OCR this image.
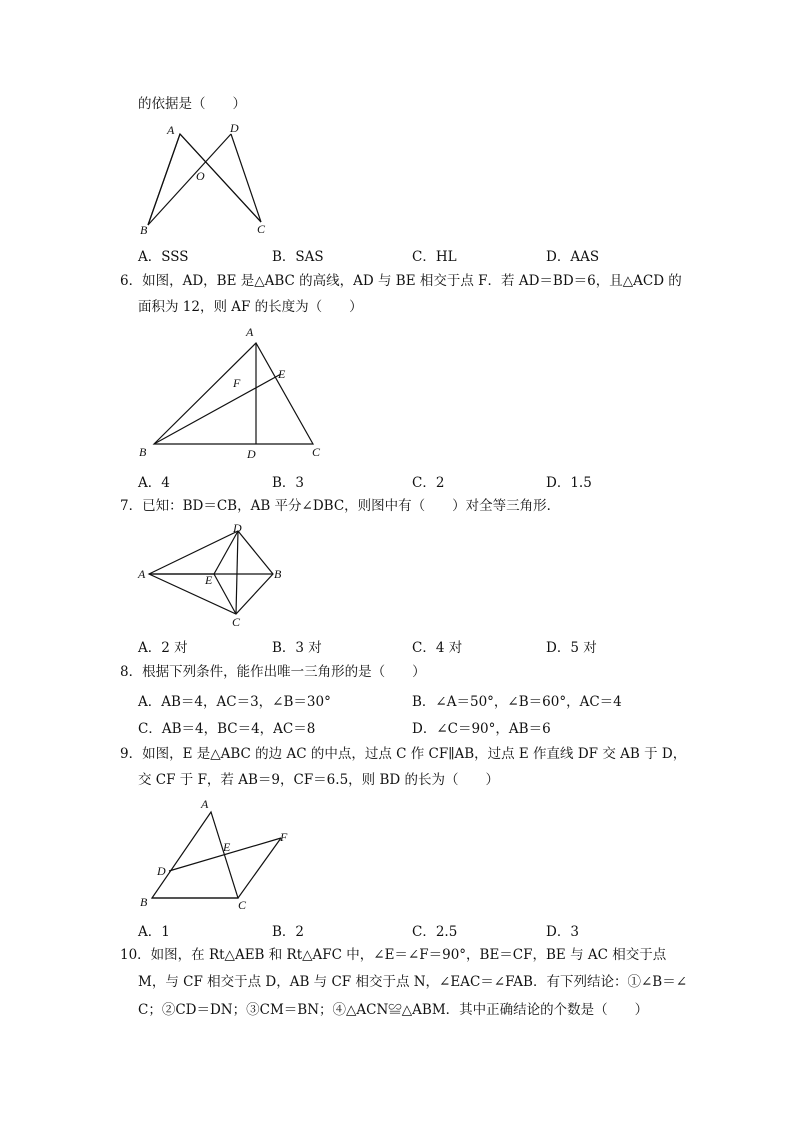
的依据是（　　）
A	D
O
B	C
A．SSS	B．SAS	C．HL	D．AAS
6．如图，AD，BE 是△ABC 的高线，AD 与 BE 相交于点 F．若 AD＝BD＝6，且△ACD 的
面积为 12，则 AF 的长度为（　　）
A
F
E
B	D	C
A．4	B．3	C．2	D．1.5
7．已知：BD＝CB，AB 平分∠DBC，则图中有（　　）对全等三角形．
D
A	E	B
C
A．2 对	B．3 对	C．4 对	D．5 对
8．根据下列条件，能作出唯一三角形的是（　　）
A．AB＝4，AC＝3，∠B＝30°	B．∠A＝50°，∠B＝60°，AC＝4
C．AB＝4，BC＝4，AC＝8	D．∠C＝90°，AB＝6
9．如图，E 是△ABC 的边 AC 的中点，过点 C 作 CF∥AB，过点 E 作直线 DF 交 AB 于 D，
交 CF 于 F，若 AB＝9，CF＝6.5，则 BD 的长为（　　）
A
F
E
D
B	C
A．1	B．2	C．2.5	D．3
10．如图，在 Rt△AEB 和 Rt△AFC 中，∠E＝∠F＝90°，BE＝CF，BE 与 AC 相交于点
M，与 CF 相交于点 D，AB 与 CF 相交于点 N，∠EAC＝∠FAB．有下列结论：①∠B＝∠
C；②CD＝DN；③CM＝BN；④△ACN≌△ABM．其中正确结论的个数是（　　）
